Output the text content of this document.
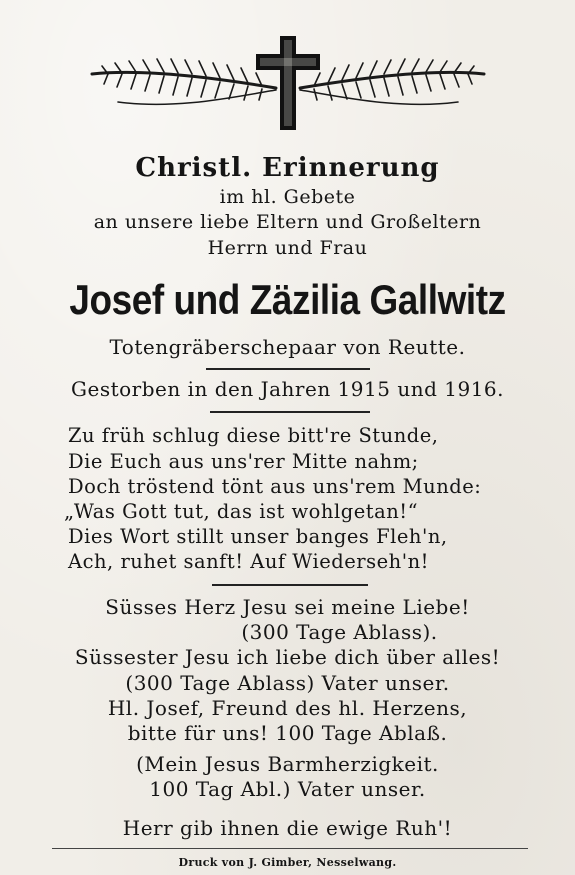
Christl. Erinnerung
im hl. Gebete
an unsere liebe Eltern und Großeltern
Herrn und Frau
Josef und Zäzilia Gallwitz
Totengräberschepaar von Reutte.
Gestorben in den Jahren 1915 und 1916.
Zu früh schlug diese bitt're Stunde,
Die Euch aus uns'rer Mitte nahm;
Doch tröstend tönt aus uns'rem Munde:
„Was Gott tut, das ist wohlgetan!“
Dies Wort stillt unser banges Fleh'n,
Ach, ruhet sanft! Auf Wiederseh'n!
Süsses Herz Jesu sei meine Liebe!
(300 Tage Ablass).
Süssester Jesu ich liebe dich über alles!
(300 Tage Ablass) Vater unser.
Hl. Josef, Freund des hl. Herzens,
bitte für uns! 100 Tage Ablaß.
(Mein Jesus Barmherzigkeit.
100 Tag Abl.) Vater unser.
Herr gib ihnen die ewige Ruh'!
Druck von J. Gimber, Nesselwang.
